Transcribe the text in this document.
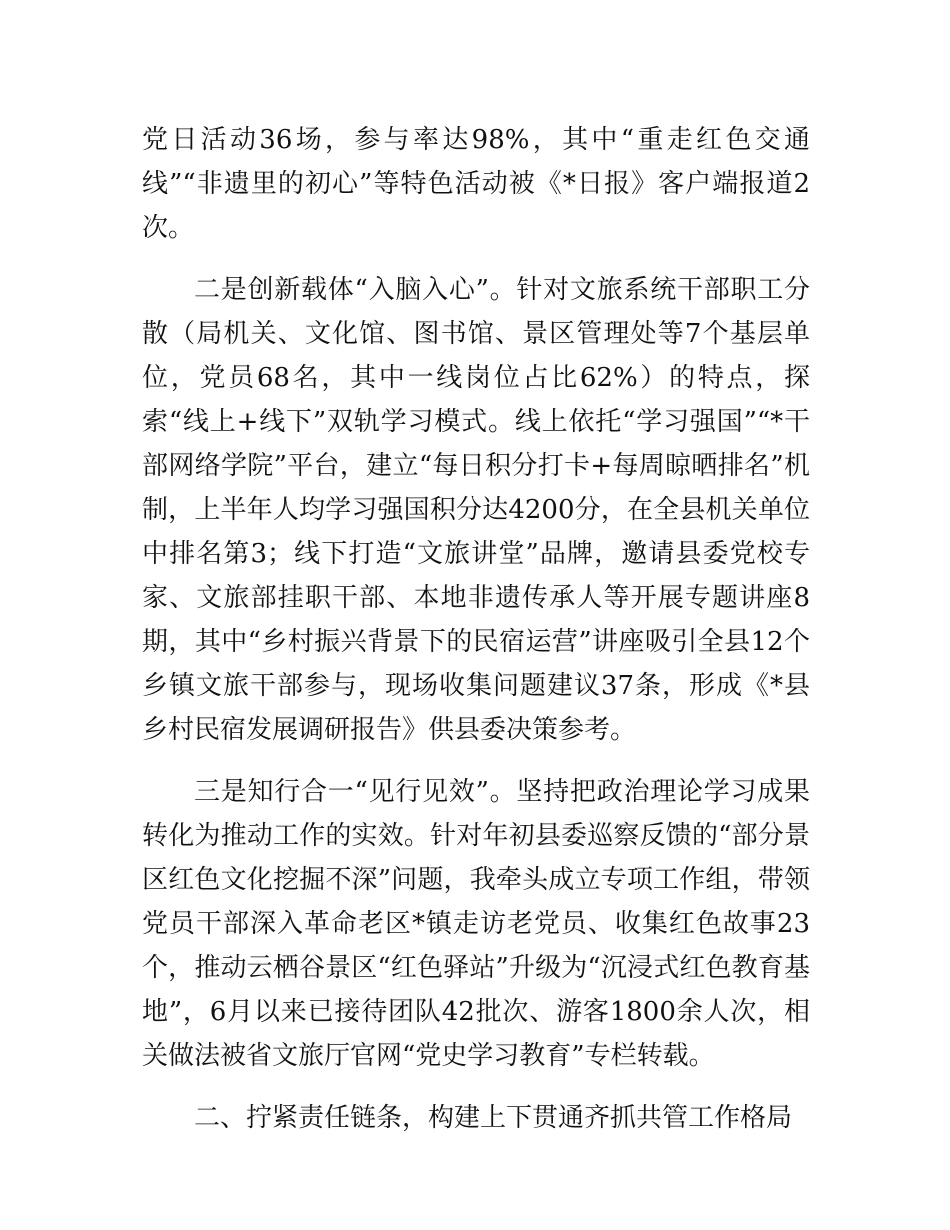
党日活动36场，参与率达98%，其中“重走红色交通线”“非遗里的初心”等特色活动被《*日报》客户端报道2次。

二是创新载体“入脑入心”。针对文旅系统干部职工分散（局机关、文化馆、图书馆、景区管理处等7个基层单位，党员68名，其中一线岗位占比62%）的特点，探索“线上+线下”双轨学习模式。线上依托“学习强国”“*干部网络学院”平台，建立“每日积分打卡+每周晾晒排名”机制，上半年人均学习强国积分达4200分，在全县机关单位中排名第3；线下打造“文旅讲堂”品牌，邀请县委党校专家、文旅部挂职干部、本地非遗传承人等开展专题讲座8期，其中“乡村振兴背景下的民宿运营”讲座吸引全县12个乡镇文旅干部参与，现场收集问题建议37条，形成《*县乡村民宿发展调研报告》供县委决策参考。

三是知行合一“见行见效”。坚持把政治理论学习成果转化为推动工作的实效。针对年初县委巡察反馈的“部分景区红色文化挖掘不深”问题，我牵头成立专项工作组，带领党员干部深入革命老区*镇走访老党员、收集红色故事23个，推动云栖谷景区“红色驿站”升级为“沉浸式红色教育基地”，6月以来已接待团队42批次、游客1800余人次，相关做法被省文旅厅官网“党史学习教育”专栏转载。

二、拧紧责任链条，构建上下贯通齐抓共管工作格局
